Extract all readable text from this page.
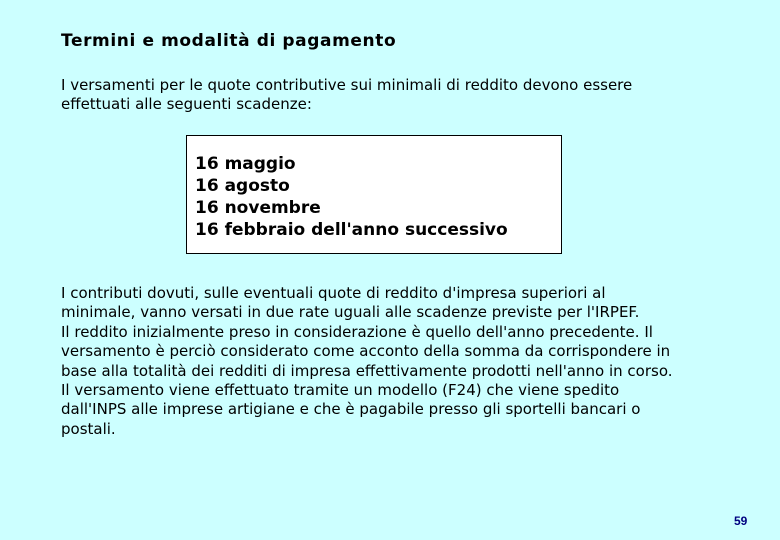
Termini e modalità di pagamento
I versamenti per le quote contributive sui minimali di reddito devono essere
effettuati alle seguenti scadenze:
16 maggio
16 agosto
16 novembre
16 febbraio dell'anno successivo
I contributi dovuti, sulle eventuali quote di reddito d'impresa superiori al
minimale, vanno versati in due rate uguali alle scadenze previste per l'IRPEF.
Il reddito inizialmente preso in considerazione è quello dell'anno precedente. Il
versamento è perciò considerato come acconto della somma da corrispondere in
base alla totalità dei redditi di impresa effettivamente prodotti nell'anno in corso.
Il versamento viene effettuato tramite un modello (F24) che viene spedito
dall'INPS alle imprese artigiane e che è pagabile presso gli sportelli bancari o
postali.
59
